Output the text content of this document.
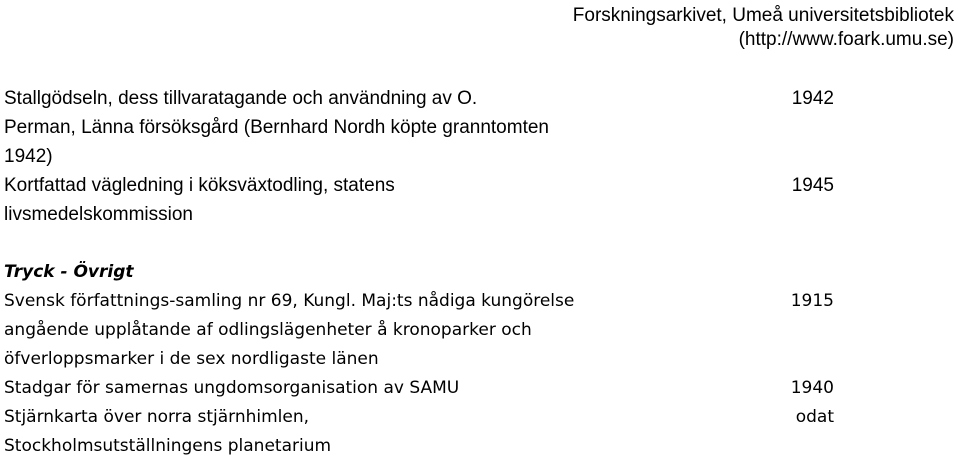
Forskningsarkivet, Umeå universitetsbibliotek
(http://www.foark.umu.se)
Stallgödseln, dess tillvaratagande och användning av O.	1942
Perman, Länna försöksgård (Bernhard Nordh köpte granntomten 1942)
Kortfattad vägledning i köksväxtodling, statens livsmedelskommission
1945
Tryck - Övrigt
Svensk författnings-samling nr 69, Kungl. Maj:ts nådiga kungörelse angående upplåtande af odlingslägenheter å kronoparker och öfverloppsmarker i de sex nordligaste länen
1915
Stadgar för samernas ungdomsorganisation av SAMU	1940
Stjärnkarta över norra stjärnhimlen, Stockholmsutställningens planetarium
odat
